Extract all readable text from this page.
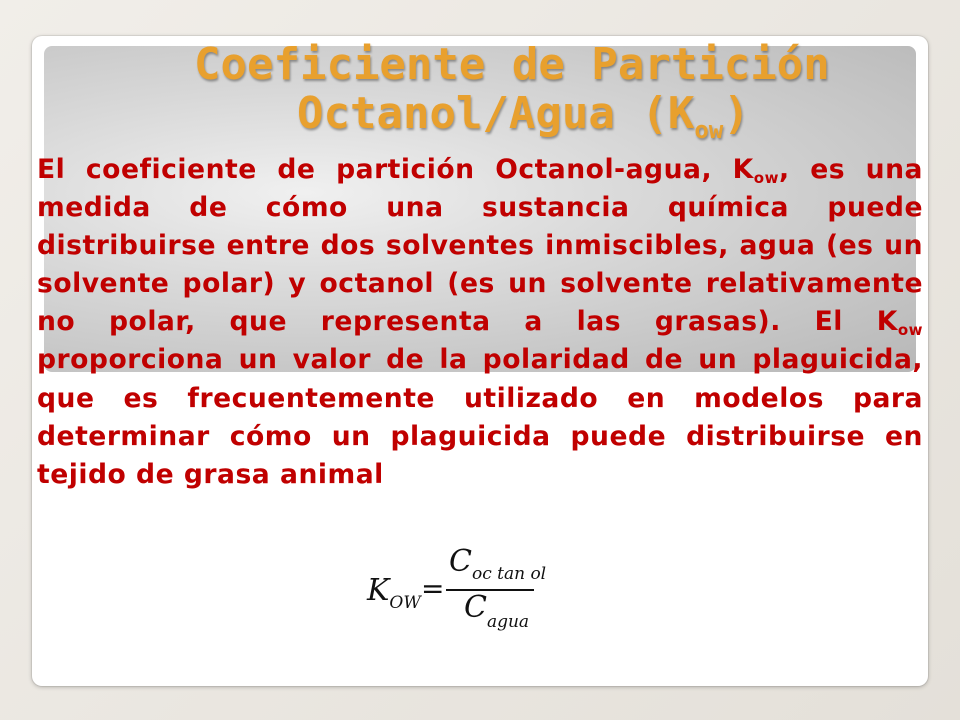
Coeficiente de Partición
Octanol/Agua $(K_{ow})$
El coeficiente de partición Octanol-agua, $K_{ow}$, es una medida de cómo una sustancia química puede distribuirse entre dos solventes inmiscibles, agua (es un solvente polar) y octanol (es un solvente relativamente no polar, que representa a las grasas). El $K_{ow}$ proporciona un valor de la polaridad de un plaguicida, que es frecuentemente utilizado en modelos para determinar cómo un plaguicida puede distribuirse en tejido de grasa animal
$K_{OW}$ =
$C_{oc tan ol}$
$C_{agua}$
